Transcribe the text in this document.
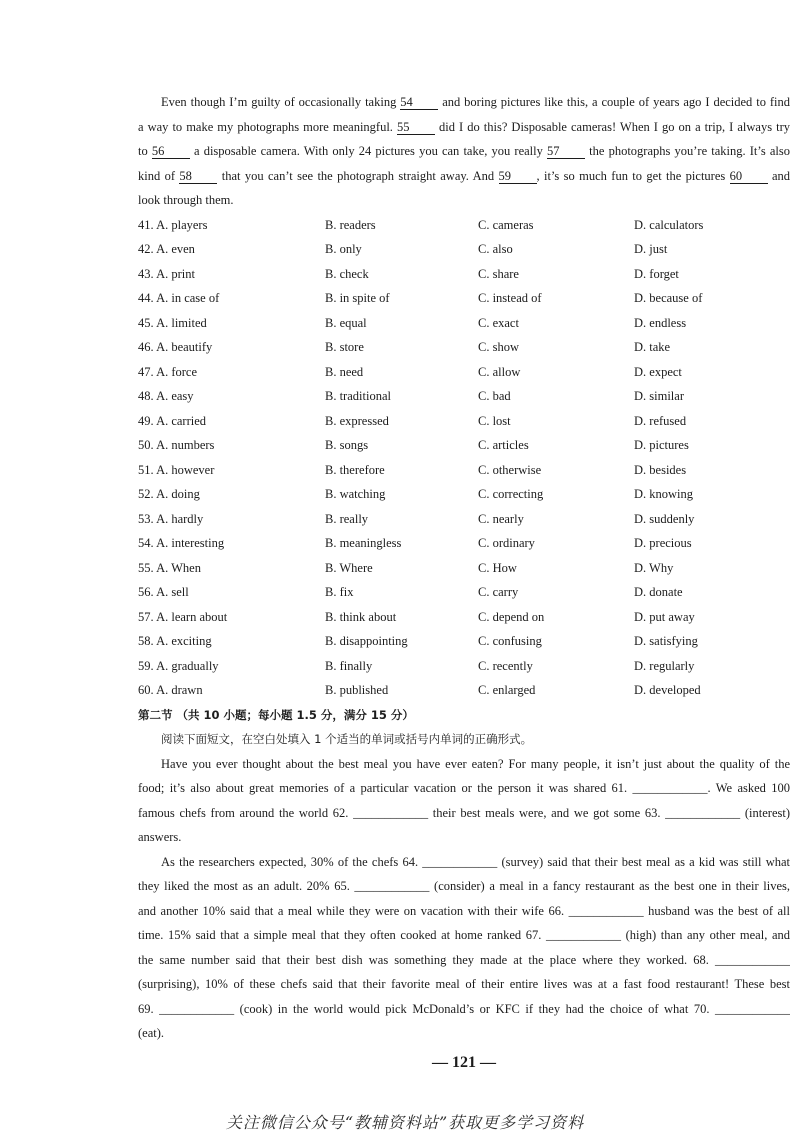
Even though I’m guilty of occasionally taking 54 and boring pictures like this, a couple of years ago I decided to find
a way to make my photographs more meaningful. 55 did I do this? Disposable cameras! When I go on a trip, I always try
to 56 a disposable camera. With only 24 pictures you can take, you really 57 the photographs you’re taking. It’s also
kind of 58 that you can’t see the photograph straight away. And 59 , it’s so much fun to get the pictures 60 and
look through them.
41. A. players	B. readers	C. cameras	D. calculators
42. A. even	B. only	C. also	D. just
43. A. print	B. check	C. share	D. forget
44. A. in case of	B. in spite of	C. instead of	D. because of
45. A. limited	B. equal	C. exact	D. endless
46. A. beautify	B. store	C. show	D. take
47. A. force	B. need	C. allow	D. expect
48. A. easy	B. traditional	C. bad	D. similar
49. A. carried	B. expressed	C. lost	D. refused
50. A. numbers	B. songs	C. articles	D. pictures
51. A. however	B. therefore	C. otherwise	D. besides
52. A. doing	B. watching	C. correcting	D. knowing
53. A. hardly	B. really	C. nearly	D. suddenly
54. A. interesting	B. meaningless	C. ordinary	D. precious
55. A. When	B. Where	C. How	D. Why
56. A. sell	B. fix	C. carry	D. donate
57. A. learn about	B. think about	C. depend on	D. put away
58. A. exciting	B. disappointing	C. confusing	D. satisfying
59. A. gradually	B. finally	C. recently	D. regularly
60. A. drawn	B. published	C. enlarged	D. developed
第二节 （共 10 小题；每小题 1.5 分，满分 15 分）
阅读下面短文，在空白处填入 1 个适当的单词或括号内单词的正确形式。
Have you ever thought about the best meal you have ever eaten? For many people, it isn’t just about the quality of the
food; it’s also about great memories of a particular vacation or the person it was shared 61. ____________. We asked 100
famous chefs from around the world 62. ____________ their best meals were, and we got some 63. ____________ (interest)
answers.
As the researchers expected, 30% of the chefs 64. ____________ (survey) said that their best meal as a kid was still what
they liked the most as an adult. 20% 65. ____________ (consider) a meal in a fancy restaurant as the best one in their lives,
and another 10% said that a meal while they were on vacation with their wife 66. ____________ husband was the best of all
time. 15% said that a simple meal that they often cooked at home ranked 67. ____________ (high) than any other meal, and
the same number said that their best dish was something they made at the place where they worked. 68. ____________
(surprising), 10% of these chefs said that their favorite meal of their entire lives was at a fast food restaurant! These best
69. ____________ (cook) in the world would pick McDonald’s or KFC if they had the choice of what 70. ____________
(eat).
— 121 —
关注微信公众号“教辅资料站”获取更多学习资料
